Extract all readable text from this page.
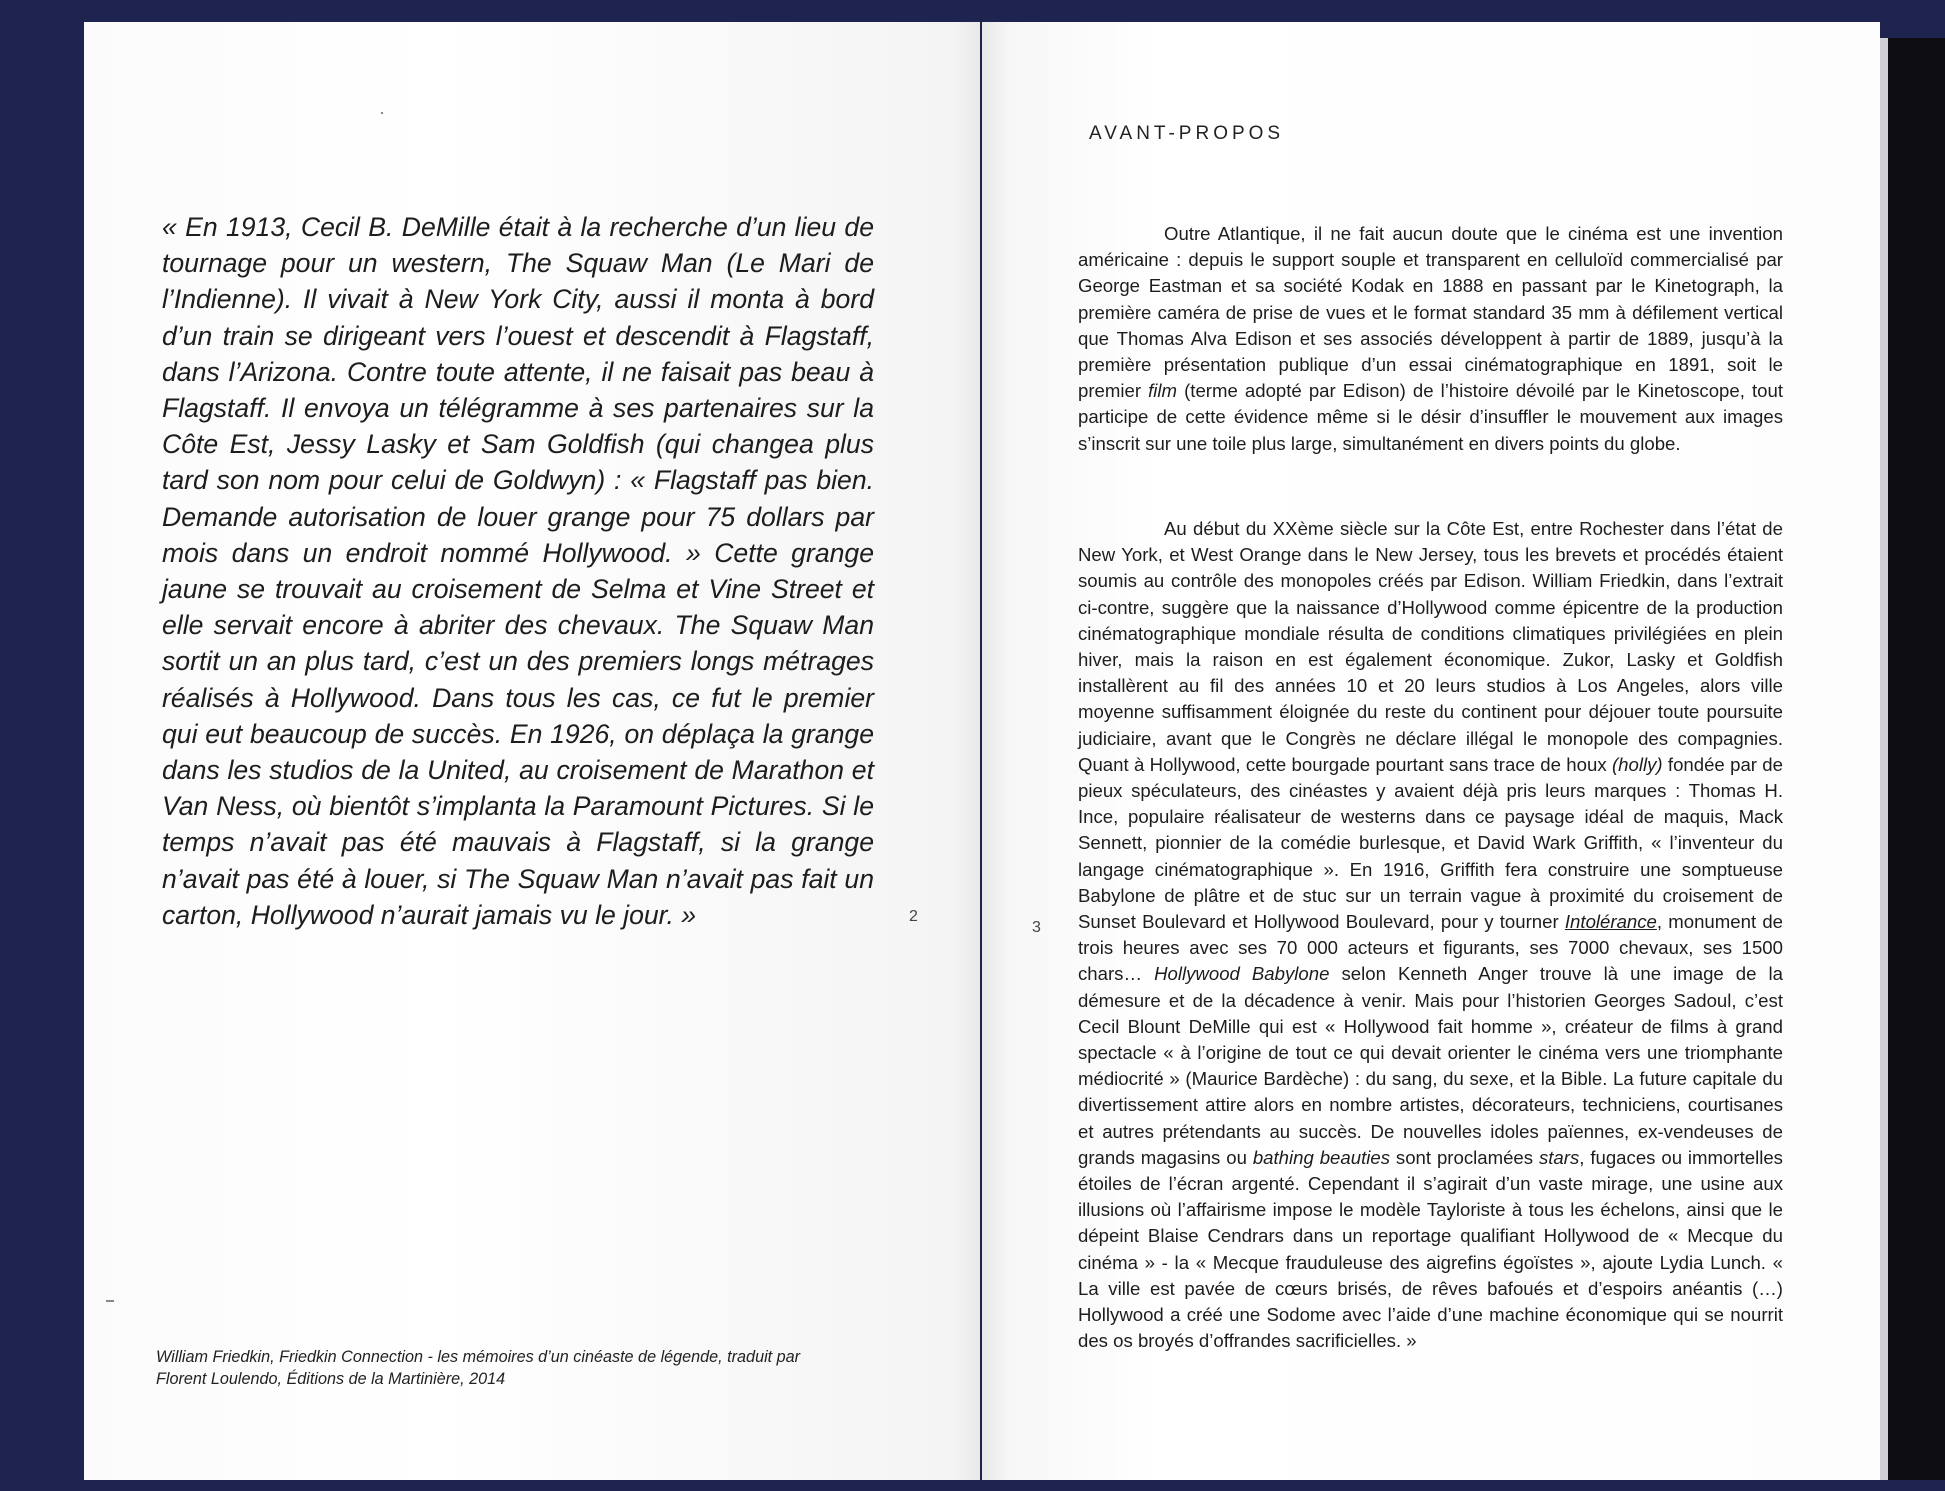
« En 1913, Cecil B. DeMille était à la recherche d’un lieu de tournage pour un western, The Squaw Man (Le Mari de l’Indienne). Il vivait à New York City, aussi il monta à bord d’un train se dirigeant vers l’ouest et descendit à Flagstaff, dans l’Arizona. Contre toute attente, il ne faisait pas beau à Flagstaff. Il envoya un télégramme à ses partenaires sur la Côte Est, Jessy Lasky et Sam Goldfish (qui changea plus tard son nom pour celui de Goldwyn) : « Flagstaff pas bien. Demande autorisation de louer grange pour 75 dollars par mois dans un endroit nommé Hollywood. » Cette grange jaune se trouvait au croisement de Selma et Vine Street et elle servait encore à abriter des chevaux. The Squaw Man sortit un an plus tard, c’est un des premiers longs métrages réalisés à Hollywood. Dans tous les cas, ce fut le premier qui eut beaucoup de succès. En 1926, on déplaça la grange dans les studios de la United, au croisement de Marathon et Van Ness, où bientôt s’implanta la Paramount Pictures. Si le temps n’avait pas été mauvais à Flagstaff, si la grange n’avait pas été à louer, si The Squaw Man n’avait pas fait un carton, Hollywood n’aurait jamais vu le jour. »	2

William Friedkin, Friedkin Connection - les mémoires d’un cinéaste de légende, traduit par
Florent Loulendo, Éditions de la Martinière, 2014

AVANT-PROPOS
3

Outre Atlantique, il ne fait aucun doute que le cinéma est une invention américaine : depuis le support souple et transparent en celluloïd commercialisé par George Eastman et sa société Kodak en 1888 en passant par le Kinetograph, la première caméra de prise de vues et le format standard 35 mm à défilement vertical que Thomas Alva Edison et ses associés développent à partir de 1889, jusqu’à la première présentation publique d’un essai cinématographique en 1891, soit le premier film (terme adopté par Edison) de l’histoire dévoilé par le Kinetoscope, tout participe de cette évidence même si le désir d’insuffler le mouvement aux images s’inscrit sur une toile plus large, simultanément en divers points du globe.

Au début du XXème siècle sur la Côte Est, entre Rochester dans l’état de New York, et West Orange dans le New Jersey, tous les brevets et procédés étaient soumis au contrôle des monopoles créés par Edison. William Friedkin, dans l’extrait ci-contre, suggère que la naissance d’Hollywood comme épicentre de la production cinématographique mondiale résulta de conditions climatiques privilégiées en plein hiver, mais la raison en est également économique. Zukor, Lasky et Goldfish installèrent au fil des années 10 et 20 leurs studios à Los Angeles, alors ville moyenne suffisamment éloignée du reste du continent pour déjouer toute poursuite judiciaire, avant que le Congrès ne déclare illégal le monopole des compagnies. Quant à Hollywood, cette bourgade pourtant sans trace de houx (holly) fondée par de pieux spéculateurs, des cinéastes y avaient déjà pris leurs marques : Thomas H. Ince, populaire réalisateur de westerns dans ce paysage idéal de maquis, Mack Sennett, pionnier de la comédie burlesque, et David Wark Griffith, « l’inventeur du langage cinématographique ». En 1916, Griffith fera construire une somptueuse Babylone de plâtre et de stuc sur un terrain vague à proximité du croisement de Sunset Boulevard et Hollywood Boulevard, pour y tourner Intolérance, monument de trois heures avec ses 70 000 acteurs et figurants, ses 7000 chevaux, ses 1500 chars… Hollywood Babylone selon Kenneth Anger trouve là une image de la démesure et de la décadence à venir. Mais pour l’historien Georges Sadoul, c’est Cecil Blount DeMille qui est « Hollywood fait homme », créateur de films à grand spectacle « à l’origine de tout ce qui devait orienter le cinéma vers une triomphante médiocrité » (Maurice Bardèche) : du sang, du sexe, et la Bible. La future capitale du divertissement attire alors en nombre artistes, décorateurs, techniciens, courtisanes et autres prétendants au succès. De nouvelles idoles païennes, ex-vendeuses de grands magasins ou bathing beauties sont proclamées stars, fugaces ou immortelles étoiles de l’écran argenté. Cependant il s’agirait d’un vaste mirage, une usine aux illusions où l’affairisme impose le modèle Tayloriste à tous les échelons, ainsi que le dépeint Blaise Cendrars dans un reportage qualifiant Hollywood de « Mecque du cinéma » - la « Mecque frauduleuse des aigrefins égoïstes », ajoute Lydia Lunch. « La ville est pavée de cœurs brisés, de rêves bafoués et d’espoirs anéantis (…) Hollywood a créé une Sodome avec l’aide d’une machine économique qui se nourrit des os broyés d’offrandes sacrificielles. »
